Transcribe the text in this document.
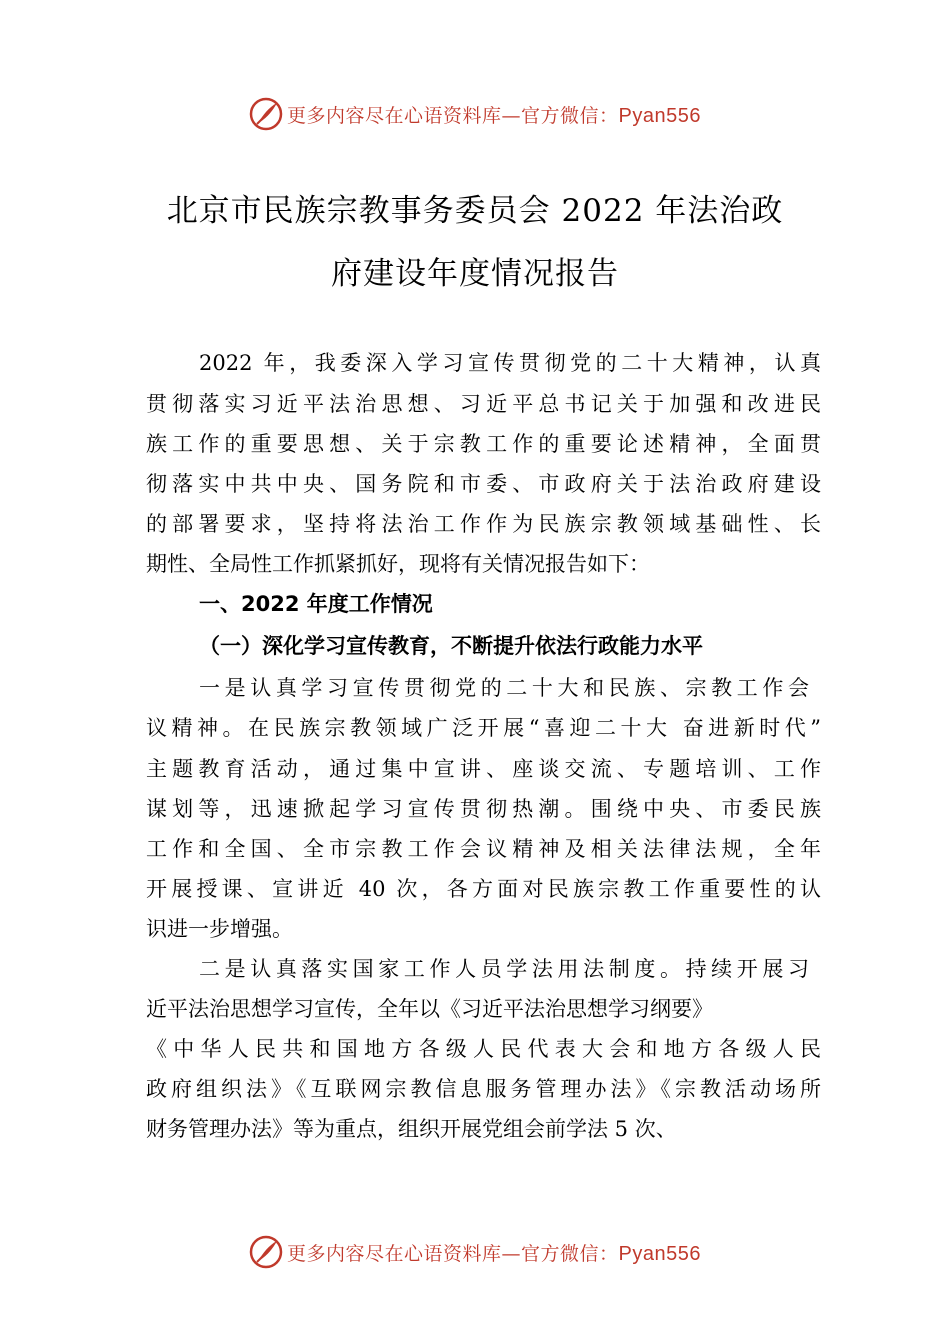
更多内容尽在心语资料库—官方微信：Pyan556
北京市民族宗教事务委员会 2022 年法治政
府建设年度情况报告
2022 年，我委深入学习宣传贯彻党的二十大精神，认真
贯彻落实习近平法治思想、习近平总书记关于加强和改进民
族工作的重要思想、关于宗教工作的重要论述精神，全面贯
彻落实中共中央、国务院和市委、市政府关于法治政府建设
的部署要求，坚持将法治工作作为民族宗教领域基础性、长
期性、全局性工作抓紧抓好，现将有关情况报告如下：
一、2022 年度工作情况
（一）深化学习宣传教育，不断提升依法行政能力水平
一是认真学习宣传贯彻党的二十大和民族、宗教工作会
议精神。在民族宗教领域广泛开展“喜迎二十大 奋进新时代”
主题教育活动，通过集中宣讲、座谈交流、专题培训、工作
谋划等，迅速掀起学习宣传贯彻热潮。围绕中央、市委民族
工作和全国、全市宗教工作会议精神及相关法律法规，全年
开展授课、宣讲近 40 次，各方面对民族宗教工作重要性的认
识进一步增强。
二是认真落实国家工作人员学法用法制度。持续开展习
近平法治思想学习宣传，全年以《习近平法治思想学习纲要》
《中华人民共和国地方各级人民代表大会和地方各级人民
政府组织法》《互联网宗教信息服务管理办法》《宗教活动场所
财务管理办法》等为重点，组织开展党组会前学法 5 次、
更多内容尽在心语资料库—官方微信：Pyan556
